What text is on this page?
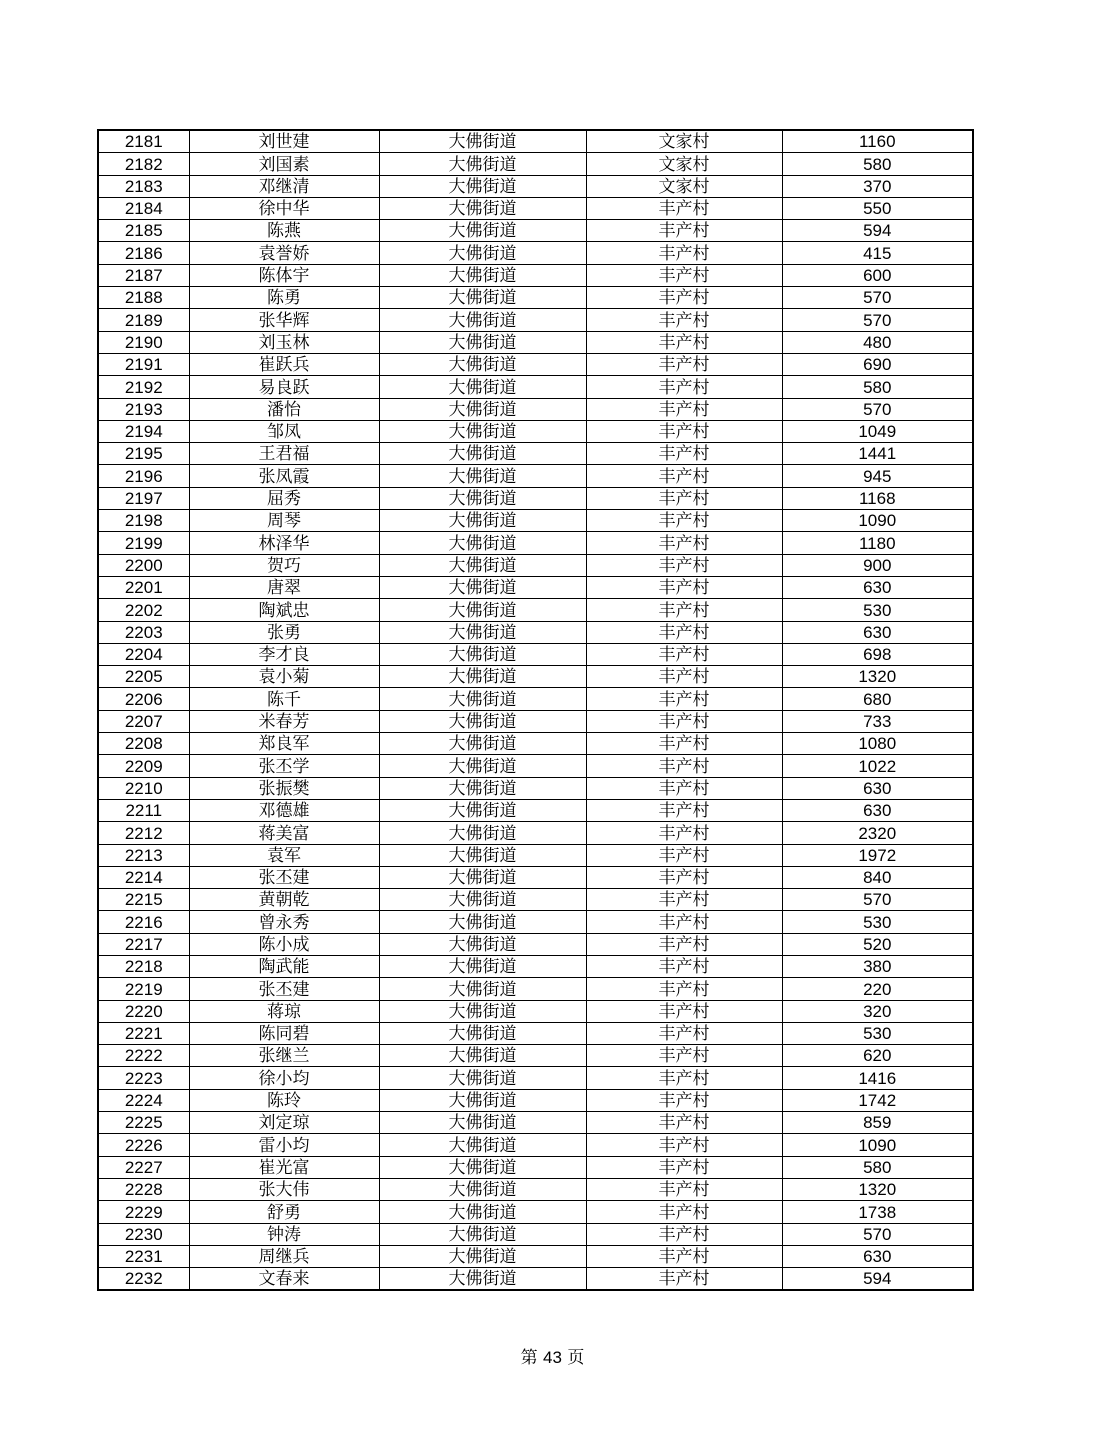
2181	刘世建	大佛街道	文家村	1160
2182	刘国素	大佛街道	文家村	580
2183	邓继清	大佛街道	文家村	370
2184	徐中华	大佛街道	丰产村	550
2185	陈燕	大佛街道	丰产村	594
2186	袁誉娇	大佛街道	丰产村	415
2187	陈体宇	大佛街道	丰产村	600
2188	陈勇	大佛街道	丰产村	570
2189	张华辉	大佛街道	丰产村	570
2190	刘玉林	大佛街道	丰产村	480
2191	崔跃兵	大佛街道	丰产村	690
2192	易良跃	大佛街道	丰产村	580
2193	潘怡	大佛街道	丰产村	570
2194	邹凤	大佛街道	丰产村	1049
2195	王君福	大佛街道	丰产村	1441
2196	张凤霞	大佛街道	丰产村	945
2197	屈秀	大佛街道	丰产村	1168
2198	周琴	大佛街道	丰产村	1090
2199	林泽华	大佛街道	丰产村	1180
2200	贺巧	大佛街道	丰产村	900
2201	唐翠	大佛街道	丰产村	630
2202	陶斌忠	大佛街道	丰产村	530
2203	张勇	大佛街道	丰产村	630
2204	李才良	大佛街道	丰产村	698
2205	袁小菊	大佛街道	丰产村	1320
2206	陈千	大佛街道	丰产村	680
2207	米春芳	大佛街道	丰产村	733
2208	郑良军	大佛街道	丰产村	1080
2209	张丕学	大佛街道	丰产村	1022
2210	张振樊	大佛街道	丰产村	630
2211	邓德雄	大佛街道	丰产村	630
2212	蒋美富	大佛街道	丰产村	2320
2213	袁军	大佛街道	丰产村	1972
2214	张丕建	大佛街道	丰产村	840
2215	黄朝乾	大佛街道	丰产村	570
2216	曾永秀	大佛街道	丰产村	530
2217	陈小成	大佛街道	丰产村	520
2218	陶武能	大佛街道	丰产村	380
2219	张丕建	大佛街道	丰产村	220
2220	蒋琼	大佛街道	丰产村	320
2221	陈同碧	大佛街道	丰产村	530
2222	张继兰	大佛街道	丰产村	620
2223	徐小均	大佛街道	丰产村	1416
2224	陈玲	大佛街道	丰产村	1742
2225	刘定琼	大佛街道	丰产村	859
2226	雷小均	大佛街道	丰产村	1090
2227	崔光富	大佛街道	丰产村	580
2228	张大伟	大佛街道	丰产村	1320
2229	舒勇	大佛街道	丰产村	1738
2230	钟涛	大佛街道	丰产村	570
2231	周继兵	大佛街道	丰产村	630
2232	文春来	大佛街道	丰产村	594
第 43 页
